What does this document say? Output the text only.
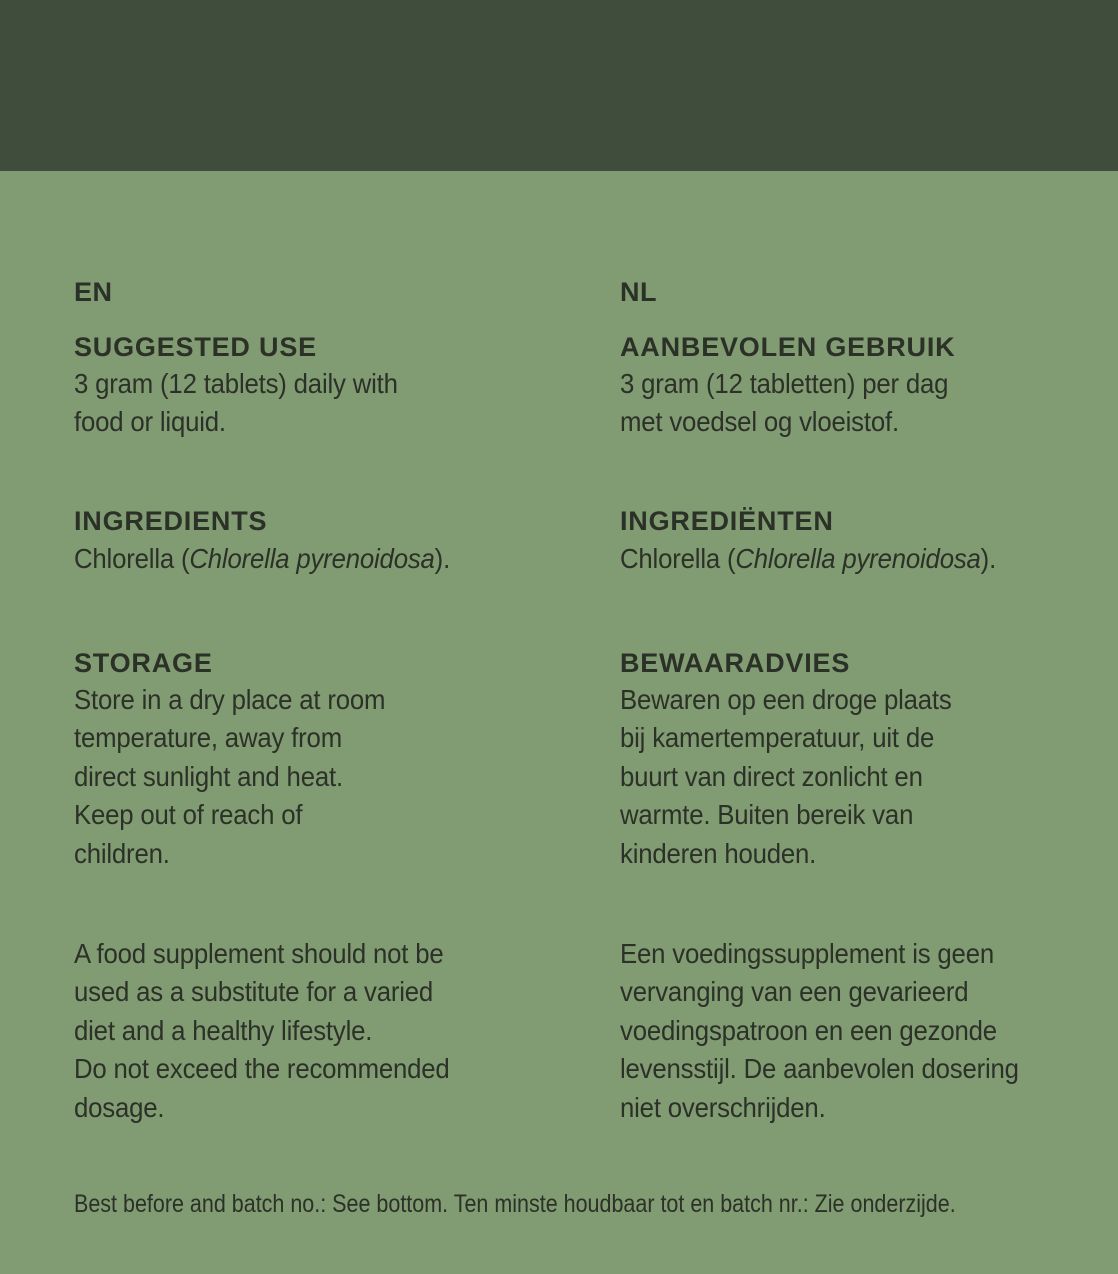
EN
SUGGESTED USE

3 gram (12 tablets) daily with
food or liquid.

INGREDIENTS

Chlorella (Chlorella pyrenoidosa).

STORAGE

Store in a dry place at room
temperature, away from
direct sunlight and heat.
Keep out of reach of
children.

A food supplement should not be
used as a substitute for a varied
diet and a healthy lifestyle.
Do not exceed the recommended
dosage.

NL
AANBEVOLEN GEBRUIK

3 gram (12 tabletten) per dag
met voedsel og vloeistof.

INGREDIËNTEN

Chlorella (Chlorella pyrenoidosa).

BEWAARADVIES

Bewaren op een droge plaats
bij kamertemperatuur, uit de
buurt van direct zonlicht en
warmte. Buiten bereik van
kinderen houden.

Een voedingssupplement is geen
vervanging van een gevarieerd
voedingspatroon en een gezonde
levensstijl. De aanbevolen dosering
niet overschrijden.

Best before and batch no.: See bottom. Ten minste houdbaar tot en batch nr.: Zie onderzijde.
